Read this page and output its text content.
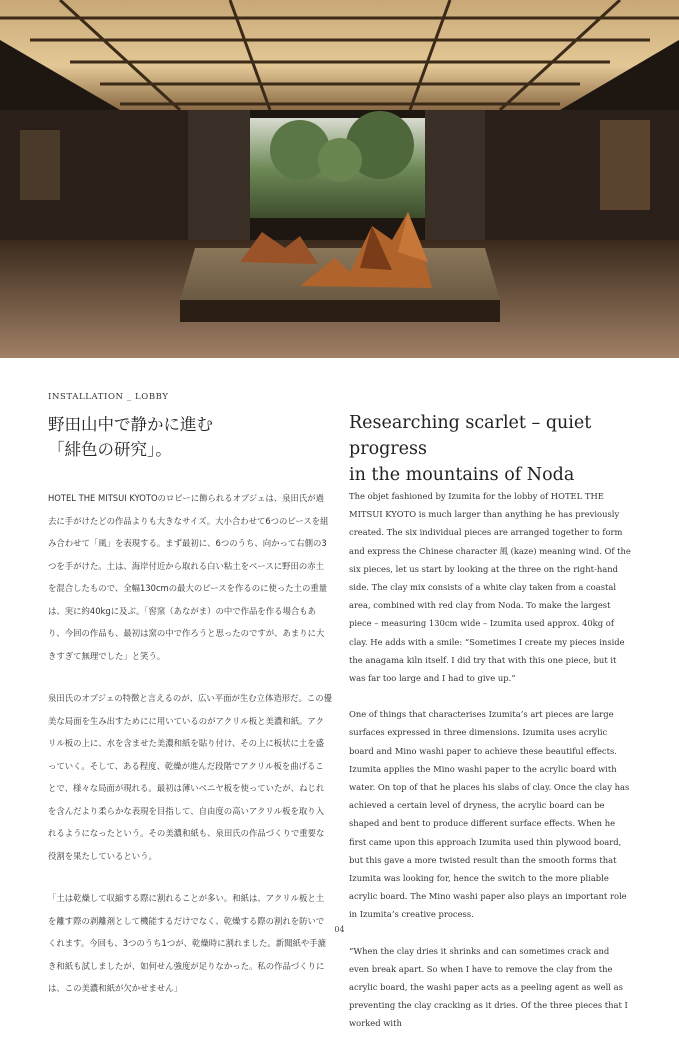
INSTALLATION _ LOBBY
野田山中で静かに進む
「緋色の研究」。
Researching scarlet – quiet progress
in the mountains of Noda

HOTEL THE MITSUI KYOTOのロビーに飾られるオブジェは、泉田氏が過去に手がけたどの作品よりも大きなサイズ。大小合わせて6つのピースを組み合わせて「風」を表現する。まず最初に、6つのうち、向かって右側の3つを手がけた。土は、海岸付近から取れる白い粘土をベースに野田の赤土を混合したもので、全幅130cmの最大のピースを作るのに使った土の重量は、実に約40kgに及ぶ。「窖窯（あながま）の中で作品を作る場合もあり、今回の作品も、最初は窯の中で作ろうと思ったのですが、あまりに大きすぎて無理でした」と笑う。

泉田氏のオブジェの特徴と言えるのが、広い平面が生む立体造形だ。この優美な局面を生み出すためにに用いているのがアクリル板と美濃和紙。アクリル板の上に、水を含ませた美濃和紙を貼り付け、その上に板状に土を盛っていく。そして、ある程度、乾燥が進んだ段階でアクリル板を曲げることで、様々な局面が現れる。最初は薄いベニヤ板を使っていたが、ねじれを含んだより柔らかな表現を目指して、自由度の高いアクリル板を取り入れるようになったという。その美濃和紙も、泉田氏の作品づくりで重要な役割を果たしているという。

「土は乾燥して収縮する際に割れることが多い。和紙は、アクリル板と土を離す際の剥離剤として機能するだけでなく、乾燥する際の割れを防いでくれます。今回も、3つのうち1つが、乾燥時に割れました。新聞紙や手漉き和紙も試しましたが、如何せん強度が足りなかった。私の作品づくりには、この美濃和紙が欠かせません」

The objet fashioned by Izumita for the lobby of HOTEL THE MITSUI KYOTO is much larger than anything he has previously created. The six individual pieces are arranged together to form and express the Chinese character 風 (kaze) meaning wind. Of the six pieces, let us start by looking at the three on the right-hand side. The clay mix consists of a white clay taken from a coastal area, combined with red clay from Noda. To make the largest piece – measuring 130cm wide – Izumita used approx. 40kg of clay. He adds with a smile: “Sometimes I create my pieces inside the anagama kiln itself. I did try that with this one piece, but it was far too large and I had to give up.”

One of things that characterises Izumita’s art pieces are large surfaces expressed in three dimensions. Izumita uses acrylic board and Mino washi paper to achieve these beautiful effects. Izumita applies the Mino washi paper to the acrylic board with water. On top of that he places his slabs of clay. Once the clay has achieved a certain level of dryness, the acrylic board can be shaped and bent to produce different surface effects. When he first came upon this approach Izumita used thin plywood board, but this gave a more twisted result than the smooth forms that Izumita was looking for, hence the switch to the more pliable acrylic board. The Mino washi paper also plays an important role in Izumita’s creative process.

“When the clay dries it shrinks and can sometimes crack and even break apart. So when I have to remove the clay from the acrylic board, the washi paper acts as a peeling agent as well as preventing the clay cracking as it dries. Of the three pieces that I worked with

04
